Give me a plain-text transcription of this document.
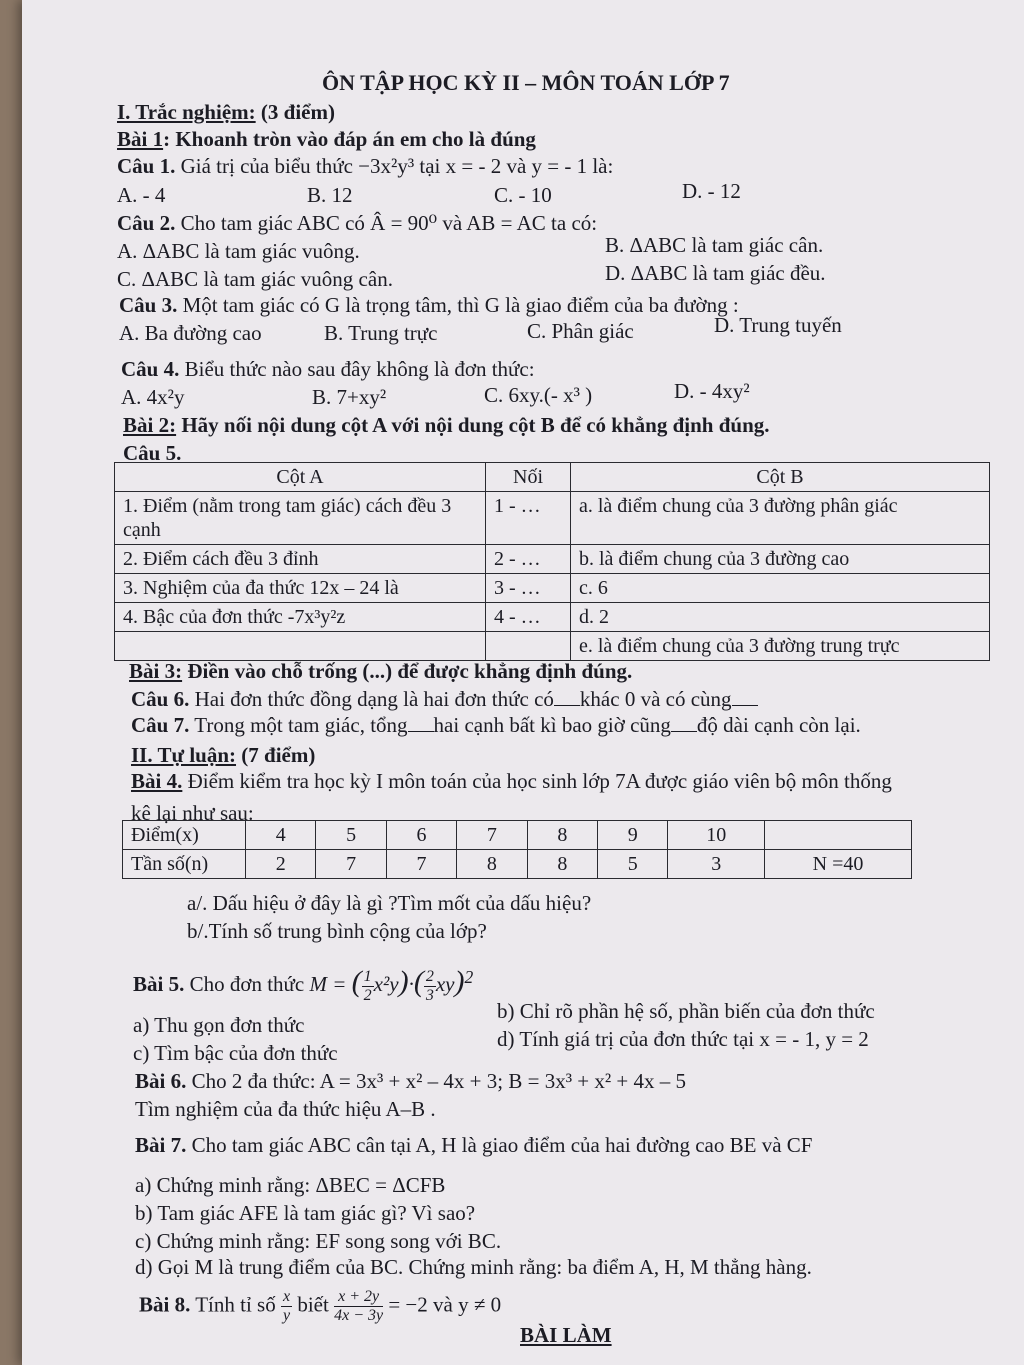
ÔN TẬP HỌC KỲ II – MÔN TOÁN LỚP 7
I. Trắc nghiệm: (3 điểm)
Bài 1: Khoanh tròn vào đáp án em cho là đúng
Câu 1. Giá trị của biểu thức −3x²y³ tại x = - 2 và y = - 1 là:
A. - 4	B. 12	C. - 10	D. - 12
Câu 2. Cho tam giác ABC có Â = 90⁰ và AB = AC ta có:
A. ΔABC là tam giác vuông.	B. ΔABC là tam giác cân.
C. ΔABC là tam giác vuông cân.	D. ΔABC là tam giác đều.
Câu 3. Một tam giác có G là trọng tâm, thì G là giao điểm của ba đường :
A. Ba đường cao	B. Trung trực	C. Phân giác	D. Trung tuyến
Câu 4. Biểu thức nào sau đây không là đơn thức:
A. 4x²y	B. 7+xy²	C. 6xy.(- x³ )	D. - 4xy²
Bài 2: Hãy nối nội dung cột A với nội dung cột B để có khẳng định đúng.
Câu 5.
Cột A	Nối	Cột B
1. Điểm (nằm trong tam giác) cách đều 3 cạnh	1 - …	a. là điểm chung của 3 đường phân giác
2. Điểm cách đều 3 đỉnh	2 - …	b. là điểm chung của 3 đường cao
3. Nghiệm của đa thức 12x – 24 là	3 - …	c. 6
4. Bậc của đơn thức -7x³y²z	4 - …	d. 2
		e. là điểm chung của 3 đường trung trực
Bài 3: Điền vào chỗ trống (...) để được khẳng định đúng.
Câu 6. Hai đơn thức đồng dạng là hai đơn thức có khác 0 và có cùng
Câu 7. Trong một tam giác, tổng hai cạnh bất kì bao giờ cũng độ dài cạnh còn lại.
II. Tự luận: (7 điểm)
Bài 4. Điểm kiểm tra học kỳ I môn toán của học sinh lớp 7A được giáo viên bộ môn thống
kê lại như sau:
Điểm(x)	4	5	6	7	8	9	10	
Tần số(n)	2	7	7	8	8	5	3	N =40
a/. Dấu hiệu ở đây là gì ?Tìm mốt của dấu hiệu?
b/.Tính số trung bình cộng của lớp?
Bài 5. Cho đơn thức M = ( $\frac{1}{2} x^2y)\cdot( \frac{2}{3} xy)^2$
b) Chỉ rõ phần hệ số, phần biến của đơn thức
a) Thu gọn đơn thức
d) Tính giá trị của đơn thức tại x = - 1, y = 2
c) Tìm bậc của đơn thức
Bài 6. Cho 2 đa thức: A = 3x³ + x² – 4x + 3; B = 3x³ + x² + 4x – 5
Tìm nghiệm của đa thức hiệu A–B .
Bài 7. Cho tam giác ABC cân tại A, H là giao điểm của hai đường cao BE và CF
a) Chứng minh rằng: ΔBEC = ΔCFB
b) Tam giác AFE là tam giác gì? Vì sao?
c) Chứng minh rằng: EF song song với BC.
d) Gọi M là trung điểm của BC. Chứng minh rằng: ba điểm A, H, M thẳng hàng.
Bài 8. Tính tỉ số $\frac{x}{y}$ biết $\frac{x + 2y}{4x - 3y} = -2$ và y ≠ 0
BÀI LÀM
